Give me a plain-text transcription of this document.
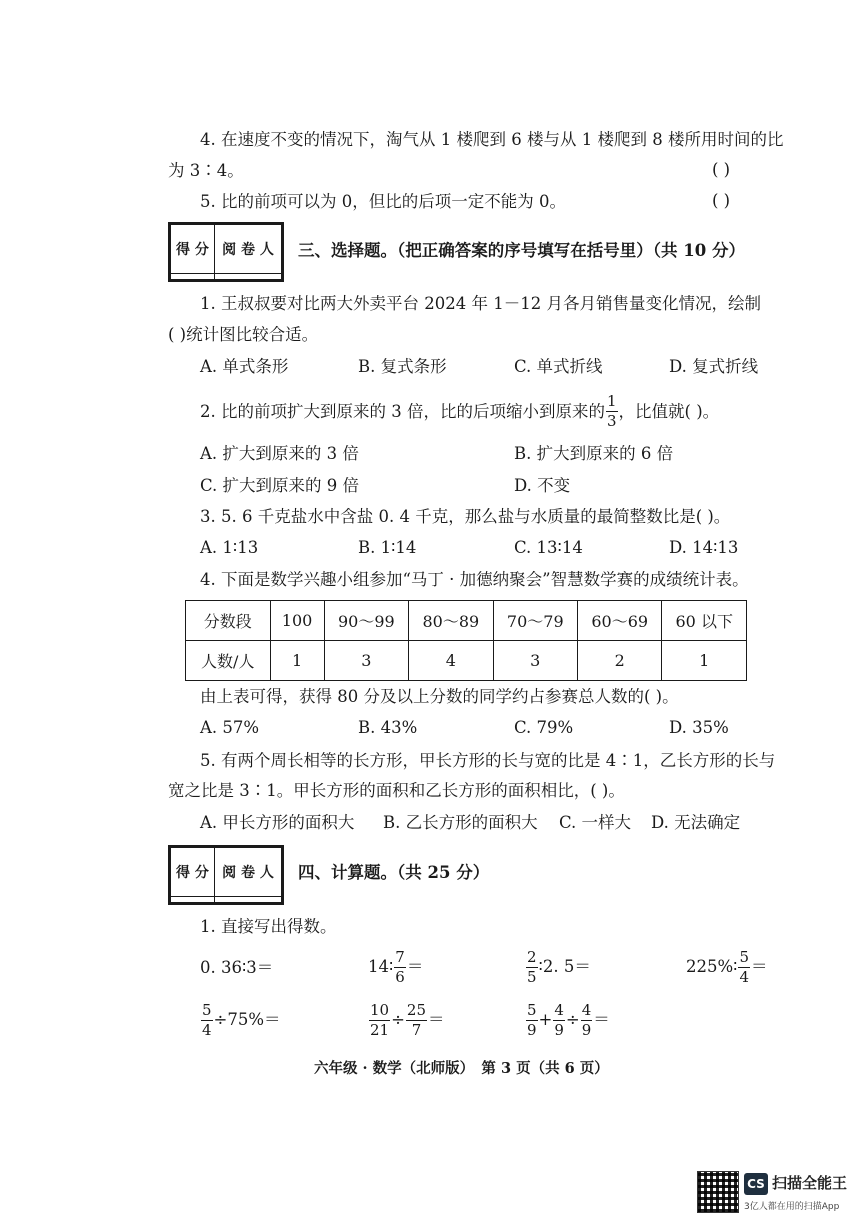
4. 在速度不变的情况下，淘气从 1 楼爬到 6 楼与从 1 楼爬到 8 楼所用时间的比
为 3∶4。	( )
5. 比的前项可以为 0，但比的后项一定不能为 0。	( )
得 分	阅 卷 人
	三、选择题。（把正确答案的序号填写在括号里）（共 10 分）
1. 王叔叔要对比两大外卖平台 2024 年 1－12 月各月销售量变化情况，绘制
( )统计图比较合适。
A. 单式条形	B. 复式条形	C. 单式折线	D. 复式折线
2. 比的前项扩大到原来的 3 倍，比的后项缩小到原来的 $\frac{1}{3}$ ，比值就( )。
A. 扩大到原来的 3 倍	B. 扩大到原来的 6 倍
C. 扩大到原来的 9 倍	D. 不变
3. 5. 6 千克盐水中含盐 0. 4 千克，那么盐与水质量的最简整数比是( )。
A. 1∶13	B. 1∶14	C. 13∶14	D. 14∶13
4. 下面是数学兴趣小组参加“马丁 · 加德纳聚会”智慧数学赛的成绩统计表。
分数段	100	90～99	80～89	70～79	60～69	60 以下
人数/人	1	3	4	3	2	1
由上表可得，获得 80 分及以上分数的同学约占参赛总人数的( )。
A. 57%	B. 43%	C. 79%	D. 35%
5. 有两个周长相等的长方形，甲长方形的长与宽的比是 4∶1，乙长方形的长与
宽之比是 3∶1。甲长方形的面积和乙长方形的面积相比，( )。
A. 甲长方形的面积大 B. 乙长方形的面积大 C. 一样大 D. 无法确定
得 分	阅 卷 人
	四、计算题。（共 25 分）
1. 直接写出得数。
0. 36∶3＝	14∶ $\frac{7}{6}$ ＝	$\frac{2}{5}$ ∶2. 5＝	225%∶ $\frac{5}{4}$ ＝
$\frac{5}{4} \div 75\%=$	$\frac{10}{21} \div \frac{25}{7}$ ＝	$\frac{5}{9} + \frac{4}{9} \div \frac{4}{9}$ ＝
六年级 · 数学（北师版）　第 3 页（共 6 页）
CS 扫描全能王
3亿人都在用的扫描App
